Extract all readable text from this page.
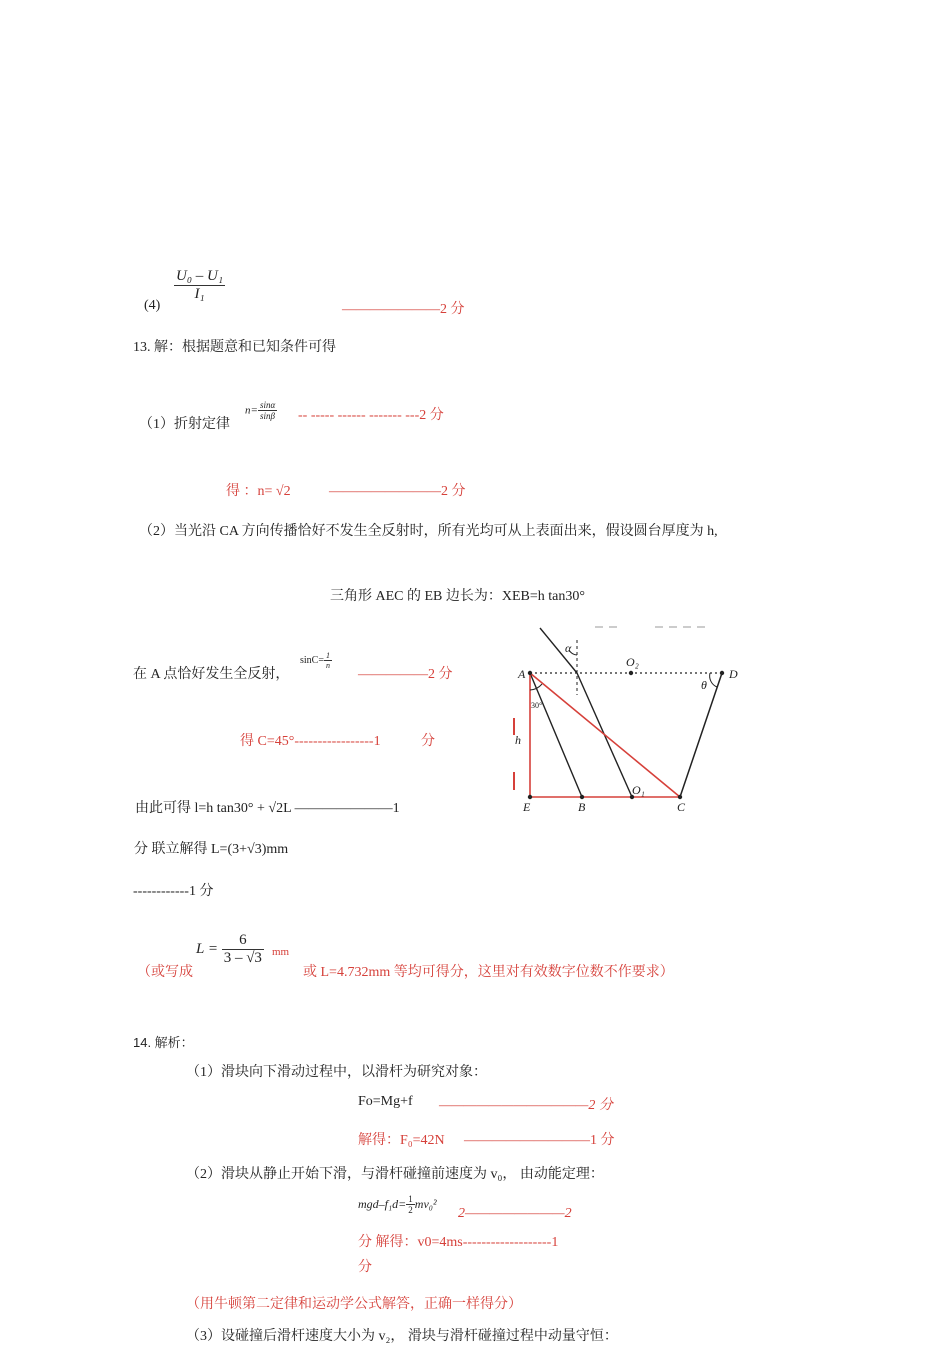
(4)
$\frac{\text{U₀ – U₁}}{\text{I₁}}$
———————2 分
13. 解：根据题意和已知条件可得
（1）折射定律
$n= \frac{\sin\alpha}{\sin\beta}$ -- ----- ------ ------- ---2 分
得 ：n= √2	————————2 分
（2）当光沿 CA 方向传播恰好不发生全反射时，所有光均可从上表面出来，假设圆台厚度为 h,
三角形 AEC 的 EB 边长为：XEB=h tan30°
在 A 点恰好发生全反射，
$\sin C= \frac{1}{n}$
—————2 分
得 C=45°-----------------1	分
由此可得 l=h tan30° + √2L ———————1
分 联立解得 L=(3+√3)mm
------------1 分
（或写成
$L = \frac{6}{3 - √3}$ mm
或 L=4.732mm 等均可得分，这里对有效数字位数不作要求）
A	D
E	B	C
O₁
O₂
α
θ
h
30°
14. 解析：
（1）滑块向下滑动过程中，以滑杆为研究对象：
Fo=Mg+f ————————————2 分
解得：F₀=42N —————————1 分
（2）滑块从静止开始下滑，与滑杆碰撞前速度为 v₀， 由动能定理：
$mgd-f_1d= \frac{1}{2} mv_0^2$
2————————2
分 解得：v0=4ms-------------------1
分
（用牛顿第二定律和运动学公式解答，正确一样得分）
（3）设碰撞后滑杆速度大小为 v₂， 滑块与滑杆碰撞过程中动量守恒：
